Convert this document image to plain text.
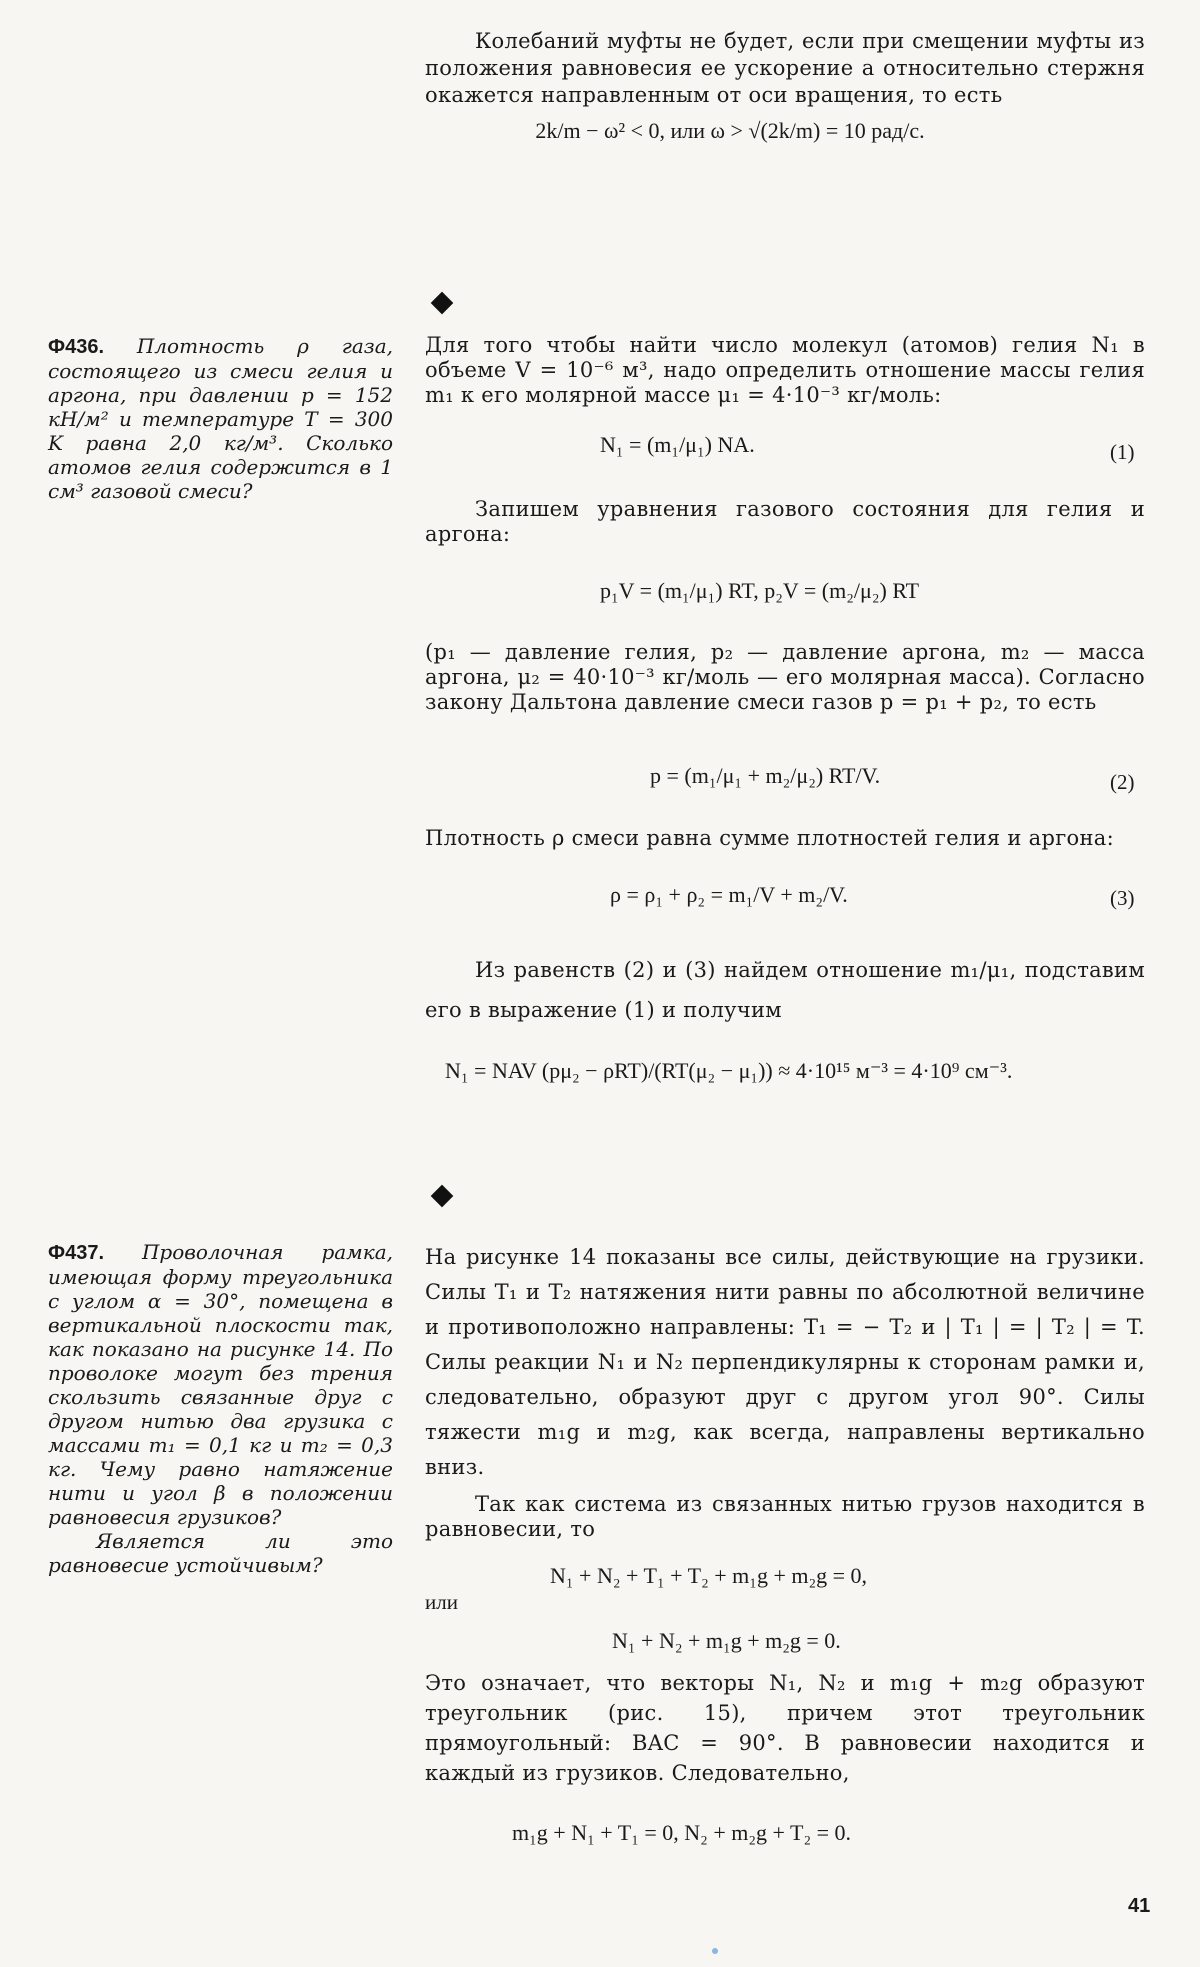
Колебаний муфты не будет, если при смещении муфты из положения равновесия ее ускорение a относительно стержня окажется направленным от оси вращения, то есть

2k/m − ω² < 0, или ω > √(2k/m) = 10 рад/с.

Ф436. Плотность ρ газа, состоящего из смеси гелия и аргона, при давлении p = 152 кН/м² и температуре T = 300 K равна 2,0 кг/м³. Сколько атомов гелия содержится в 1 см³ газовой смеси?

Для того чтобы найти число молекул (атомов) гелия N₁ в объеме V = 10⁻⁶ м³, надо определить отношение массы гелия m₁ к его молярной массе μ₁ = 4·10⁻³ кг/моль:

N₁ = (m₁/μ₁) NA.	(1)

Запишем уравнения газового состояния для гелия и аргона:

p₁V = (m₁/μ₁) RT, p₂V = (m₂/μ₂) RT

(p₁ — давление гелия, p₂ — давление аргона, m₂ — масса аргона, μ₂ = 40·10⁻³ кг/моль — его молярная масса). Согласно закону Дальтона давление смеси газов p = p₁ + p₂, то есть

p = (m₁/μ₁ + m₂/μ₂) RT/V.	(2)

Плотность ρ смеси равна сумме плотностей гелия и аргона:

ρ = ρ₁ + ρ₂ = m₁/V + m₂/V.	(3)

Из равенств (2) и (3) найдем отношение m₁/μ₁, подставим его в выражение (1) и получим

N₁ = NAV (pμ₂ − ρRT)/(RT(μ₂ − μ₁)) ≈ 4·10¹⁵ м⁻³ = 4·10⁹ см⁻³.

Ф437. Проволочная рамка, имеющая форму треугольника с углом α = 30°, помещена в вертикальной плоскости так, как показано на рисунке 14. По проволоке могут без трения скользить связанные друг с другом нитью два грузика с массами m₁ = 0,1 кг и m₂ = 0,3 кг. Чему равно натяжение нити и угол β в положении равновесия грузиков?

Является ли это равновесие устойчивым?

На рисунке 14 показаны все силы, действующие на грузики. Силы T₁ и T₂ натяжения нити равны по абсолютной величине и противоположно направлены: T₁ = − T₂ и | T₁ | = | T₂ | = T. Силы реакции N₁ и N₂ перпендикулярны к сторонам рамки и, следовательно, образуют друг с другом угол 90°. Силы тяжести m₁g и m₂g, как всегда, направлены вертикально вниз.

Так как система из связанных нитью грузов находится в равновесии, то

N₁ + N₂ + T₁ + T₂ + m₁g + m₂g = 0,
или
N₁ + N₂ + m₁g + m₂g = 0.

Это означает, что векторы N₁, N₂ и m₁g + m₂g образуют треугольник (рис. 15), причем этот треугольник прямоугольный: BAC = 90°. В равновесии находится и каждый из грузиков. Следовательно,

m₁g + N₁ + T₁ = 0, N₂ + m₂g + T₂ = 0.
41
